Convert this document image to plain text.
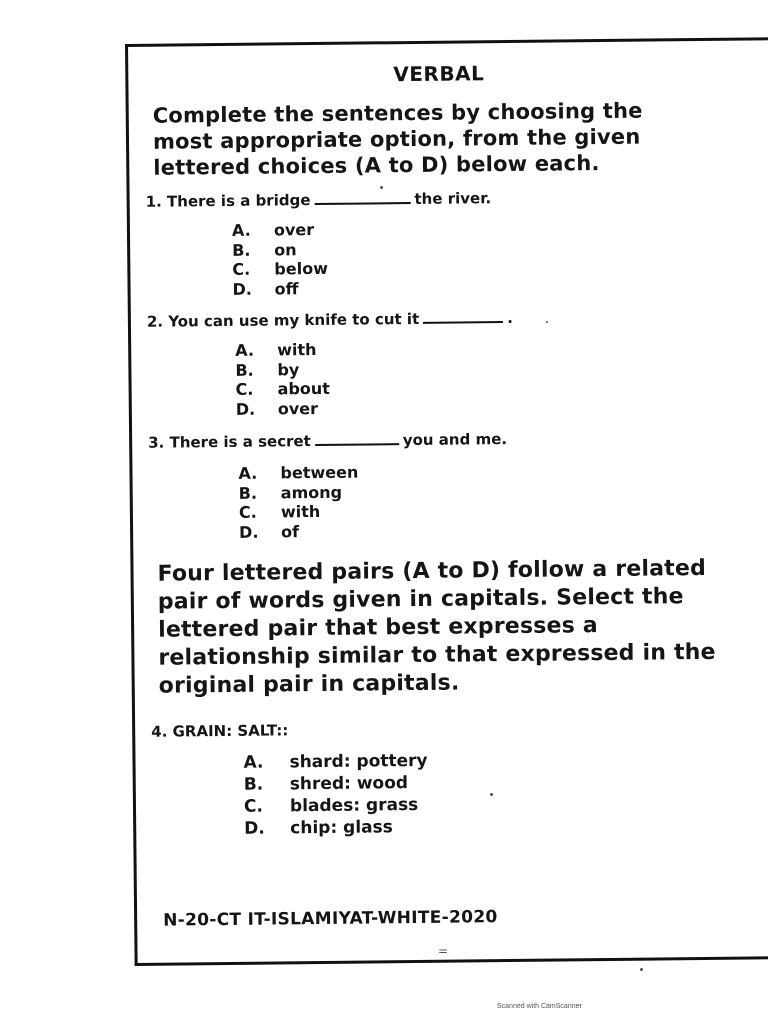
VERBAL
Complete the sentences by choosing the
most appropriate option, from the given
lettered choices (A to D) below each.
1. There is a bridge	the river.
A.	over
B.	on
C.	below
D.	off
2. You can use my knife to cut it	.
A.	with
B.	by
C.	about
D.	over
3. There is a secret	you and me.
A.	between
B.	among
C.	with
D.	of
Four lettered pairs (A to D) follow a related
pair of words given in capitals. Select the
lettered pair that best expresses a
relationship similar to that expressed in the
original pair in capitals.
4. GRAIN: SALT::
A.	shard: pottery
B.	shred: wood
C.	blades: grass
D.	chip: glass
N-20-CT IT-ISLAMIYAT-WHITE-2020
=
Scanned with CamScanner
